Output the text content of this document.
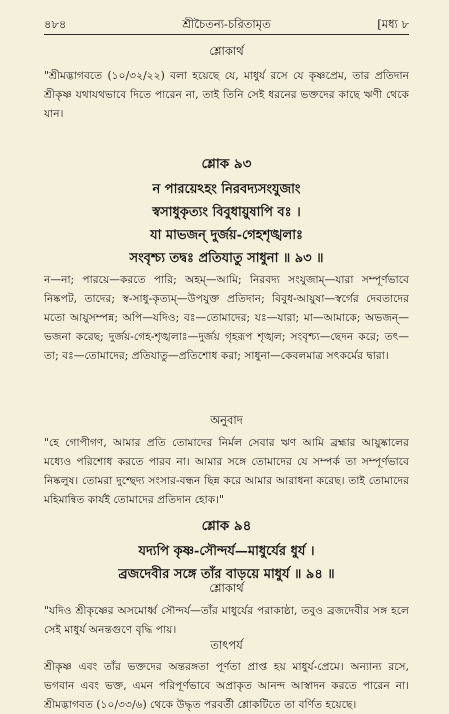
৪৮৪	শ্রীচৈতন্য-চরিতামৃত	[মধ্য ৮
শ্লোকার্থ

"শ্রীমদ্ভাগবতে (১০/৩২/২২) বলা হয়েছে যে, মাধুর্য রসে যে কৃষ্ণপ্রেম, তার প্রতিদান শ্রীকৃষ্ণ যথাযথভাবে দিতে পারেন না, তাই তিনি সেই ধরনের ভক্তদের কাছে ঋণী থেকে যান।

শ্লোক ৯৩

ন পারয়েঽহং নিরবদ্যসংযুজাং

স্বসাধুকৃত্যং বিবুধায়ুষাপি বঃ ।

যা মাভজন্ দুর্জয়-গেহশৃঙ্খলাঃ

সংবৃশ্চ্য তদ্বঃ প্রতিযাতু সাধুনা ॥ ৯৩ ॥

ন—না; পারয়ে—করতে পারি; অহম্—আমি; নিরবদ্য সংযুজাম্—যারা সম্পূর্ণভাবে নিষ্কপট, তাদের; স্ব-সাধু-কৃত্যম্—উপযুক্ত প্রতিদান; বিবুধ-আয়ুষা—স্বর্গের দেবতাদের মতো আয়ুসম্পন্ন; অপি—যদিও; বঃ—তোমাদের; যঃ—যারা; মা—আমাকে; অভজন্—ভজনা করেছ; দুর্জয়-গেহ-শৃঙ্খলাঃ—দুর্জয় গৃহরূপ শৃঙ্খল; সংবৃশ্চ্য—ছেদন করে; তৎ—তা; বঃ—তোমাদের; প্রতিযাতু—প্রতিশোধ করা; সাধুনা—কেবলমাত্র সৎকর্মের দ্বারা।

অনুবাদ

"হে গোপীগণ, আমার প্রতি তোমাদের নির্মল সেবার ঋণ আমি ব্রহ্মার আয়ুষ্কালের মধ্যেও পরিশোধ করতে পারব না। আমার সঙ্গে তোমাদের যে সম্পর্ক তা সম্পূর্ণভাবে নিষ্কলুষ। তোমরা দুশ্ছেদ্য সংসার-বন্ধন ছিন্ন করে আমার আরাধনা করেছ। তাই তোমাদের মহিমান্বিত কার্যই তোমাদের প্রতিদান হোক।"

শ্লোক ৯৪

যদ্যপি কৃষ্ণ-সৌন্দর্য—মাধুর্যের ধুর্য ।

ব্রজদেবীর সঙ্গে তাঁর বাড়য়ে মাধুর্য ॥ ৯৪ ॥

শ্লোকার্থ

"যদিও শ্রীকৃষ্ণের অসমোর্ধ্ব সৌন্দর্য—তাঁর মাধুর্যের পরাকাষ্ঠা, তবুও ব্রজদেবীর সঙ্গ হলে সেই মাধুর্য অনন্তগুণে বৃদ্ধি পায়।

তাৎপর্য

শ্রীকৃষ্ণ এবং তাঁর ভক্তদের অন্তরঙ্গতা পূর্ণতা প্রাপ্ত হয় মাধুর্য-প্রেমে। অন্যান্য রসে, ভগবান এবং ভক্ত, এমন পরিপূর্ণভাবে অপ্রাকৃত আনন্দ আস্বাদন করতে পারেন না। শ্রীমদ্ভাগবত (১০/৩৩/৬) থেকে উদ্ধৃত পরবর্তী শ্লোকটিতে তা বর্ণিত হয়েছে।
